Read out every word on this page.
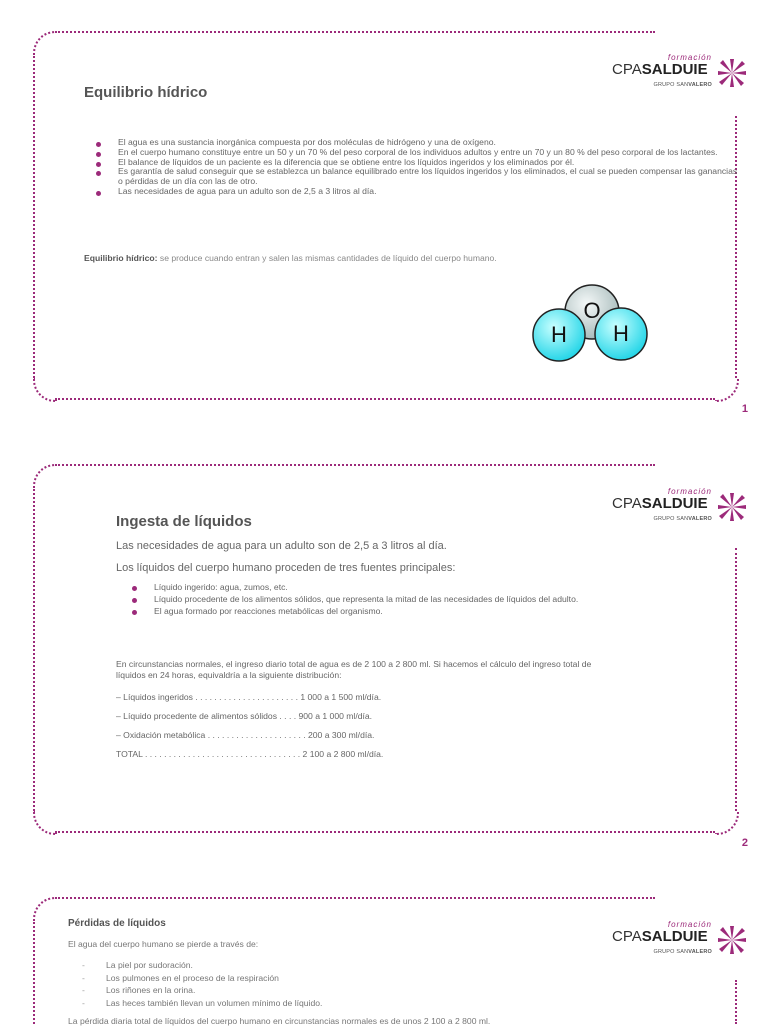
formación
CPASALDUIE
GRUPO SANVALERO
Equilibrio hídrico
El agua es una sustancia inorgánica compuesta por dos moléculas de hidrógeno y una de oxígeno.
En el cuerpo humano constituye entre un 50 y un 70 % del peso corporal de los individuos adultos y entre un 70 y un 80 % del peso corporal de los lactantes.
El balance de líquidos de un paciente es la diferencia que se obtiene entre los líquidos ingeridos y los eliminados por él.
Es garantía de salud conseguir que se establezca un balance equilibrado entre los líquidos ingeridos y los eliminados, el cual se pueden compensar las ganancias o pérdidas de un día con las de otro.
Las necesidades de agua para un adulto son de 2,5 a 3 litros al día.
Equilibrio hídrico: se produce cuando entran y salen las mismas cantidades de líquido del cuerpo humano.
O
H H
1
formación
CPASALDUIE
GRUPO SANVALERO
Ingesta de líquidos
Las necesidades de agua para un adulto son de 2,5 a 3 litros al día.
Los líquidos del cuerpo humano proceden de tres fuentes principales:
Líquido ingerido: agua, zumos, etc.
Líquido procedente de los alimentos sólidos, que representa la mitad de las necesidades de líquidos del adulto.
El agua formado por reacciones metabólicas del organismo.
En circunstancias normales, el ingreso diario total de agua es de 2 100 a 2 800 ml. Si hacemos el cálculo del ingreso total de líquidos en 24 horas, equivaldría a la siguiente distribución:
– Líquidos ingeridos . . . . . . . . . . . . . . . . . . . . . . 1 000 a 1 500 ml/día.
– Líquido procedente de alimentos sólidos . . . . 900 a 1 000 ml/día.
– Oxidación metabólica . . . . . . . . . . . . . . . . . . . . . 200 a 300 ml/día.
TOTAL . . . . . . . . . . . . . . . . . . . . . . . . . . . . . . . . . 2 100 a 2 800 ml/día.
2
formación
CPASALDUIE
GRUPO SANVALERO
Pérdidas de líquidos
El agua del cuerpo humano se pierde a través de:
- La piel por sudoración.
- Los pulmones en el proceso de la respiración
- Los riñones en la orina.
- Las heces también llevan un volumen mínimo de líquido.
La pérdida diaria total de líquidos del cuerpo humano en circunstancias normales es de unos 2 100 a 2 800 ml.
